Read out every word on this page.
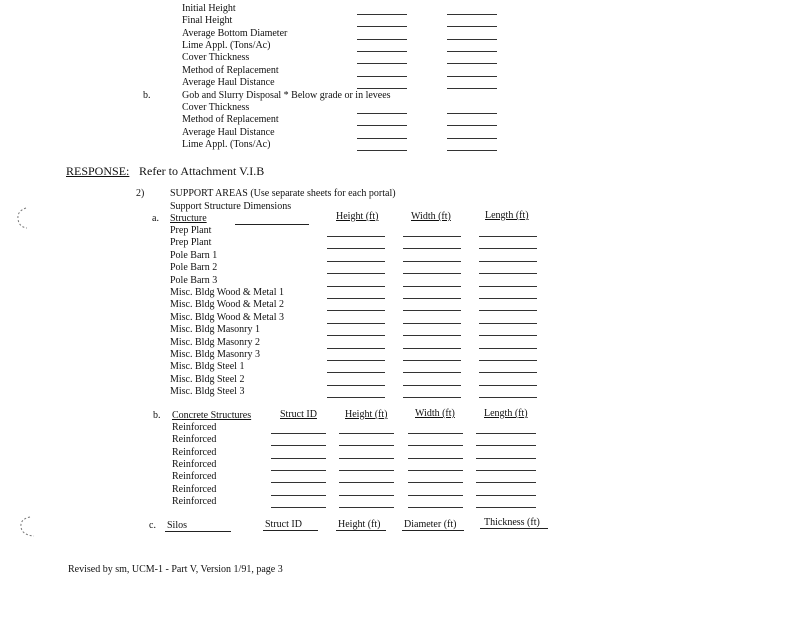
Initial Height
Final Height
Average Bottom Diameter
Lime Appl. (Tons/Ac)
Cover Thickness
Method of Replacement
Average Haul Distance
b.	Gob and Slurry Disposal * Below grade or in levees
Cover Thickness
Method of Replacement
Average Haul Distance
Lime Appl. (Tons/Ac)
RESPONSE: Refer to Attachment V.I.B
2)	SUPPORT AREAS (Use separate sheets for each portal)
Support Structure Dimensions
a. Structure	Height (ft)	Width (ft)	Length (ft)
Prep Plant
Prep Plant
Pole Barn 1
Pole Barn 2
Pole Barn 3
Misc. Bldg Wood & Metal 1
Misc. Bldg Wood & Metal 2
Misc. Bldg Wood & Metal 3
Misc. Bldg Masonry 1
Misc. Bldg Masonry 2
Misc. Bldg Masonry 3
Misc. Bldg Steel 1
Misc. Bldg Steel 2
Misc. Bldg Steel 3
b. Concrete Structures	Struct ID	Height (ft)	Width (ft)	Length (ft)
Reinforced
Reinforced
Reinforced
Reinforced
Reinforced
Reinforced
Reinforced
c. Silos	Struct ID	Height (ft) Diameter (ft)	Thickness (ft)
Revised by sm, UCM-1 - Part V, Version 1/91, page 3
